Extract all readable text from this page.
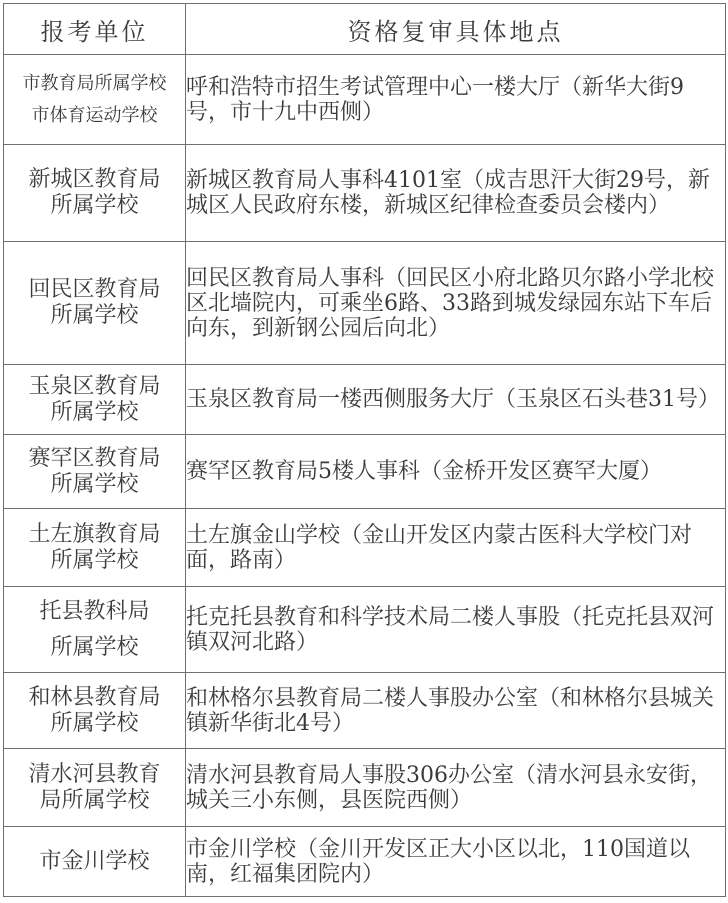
报考单位	资格复审具体地点

市教育局所属学校
市体育运动学校	呼和浩特市招生考试管理中心一楼大厅（新华大街9号，市十九中西侧）

新城区教育局
所属学校	新城区教育局人事科4101室（成吉思汗大街29号，新城区人民政府东楼，新城区纪律检查委员会楼内）

回民区教育局
所属学校	回民区教育局人事科（回民区小府北路贝尔路小学北校区北墙院内，可乘坐6路、33路到城发绿园东站下车后向东，到新钢公园后向北）

玉泉区教育局
所属学校	玉泉区教育局一楼西侧服务大厅（玉泉区石头巷31号）

赛罕区教育局
所属学校	赛罕区教育局5楼人事科（金桥开发区赛罕大厦）

土左旗教育局
所属学校	土左旗金山学校（金山开发区内蒙古医科大学校门对面，路南）

托县教科局
所属学校	托克托县教育和科学技术局二楼人事股（托克托县双河镇双河北路）

和林县教育局
所属学校	和林格尔县教育局二楼人事股办公室（和林格尔县城关镇新华街北4号）

清水河县教育
局所属学校	清水河县教育局人事股306办公室（清水河县永安街，城关三小东侧，县医院西侧）

市金川学校	市金川学校（金川开发区正大小区以北，110国道以南，红福集团院内）
